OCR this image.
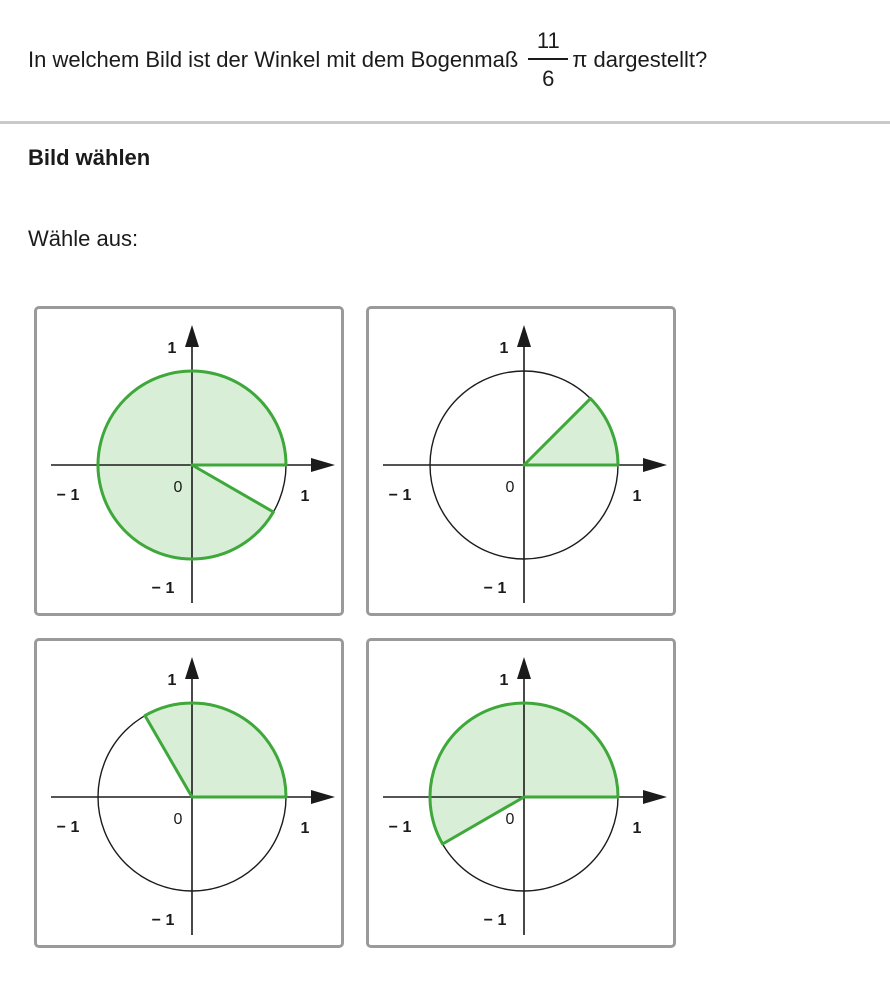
In welchem Bild ist der Winkel mit dem Bogenmaß $\frac{11}{6}$ π dargestellt?
Bild wählen
Wähle aus:
1
− 1	0
1
− 1
1
− 1	0
1
− 1
1
− 1	0
1
− 1
1
− 1	0
1
− 1
